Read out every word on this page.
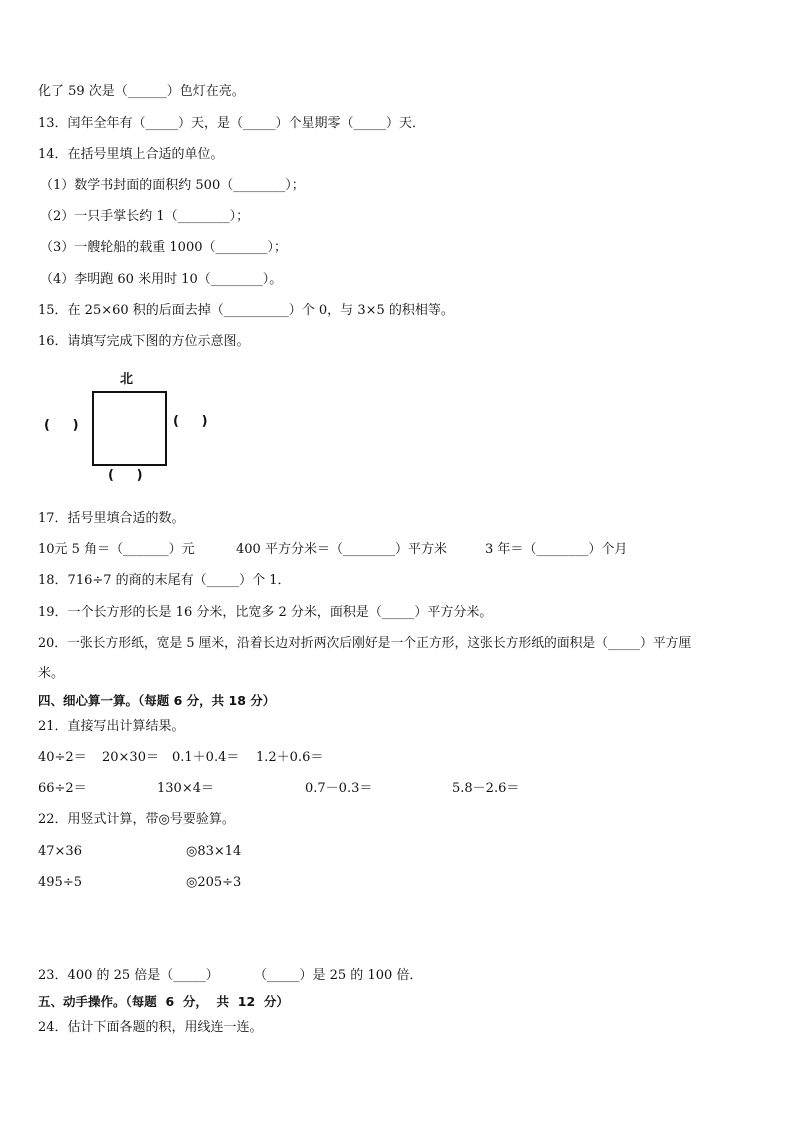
化了 59 次是（______）色灯在亮。
13．闰年全年有（_____）天，是（_____）个星期零（_____）天．
14．在括号里填上合适的单位。
（1）数学书封面的面积约 500（________）；
（2）一只手掌长约 1（________）；
（3）一艘轮船的载重 1000（________）；
（4）李明跑 60 米用时 10（________）。
15．在 25×60 积的后面去掉（__________）个 0，与 3×5 的积相等。
16．请填写完成下图的方位示意图。
北
(     )	(     )
(     )
17．括号里填合适的数。
10元 5 角＝（_______）元	400 平方分米＝（________）平方米	3 年＝（________）个月
18．716÷7 的商的末尾有（_____）个 1．
19．一个长方形的长是 16 分米，比宽多 2 分米，面积是（_____）平方分米。
20．一张长方形纸，宽是 5 厘米，沿着长边对折两次后刚好是一个正方形，这张长方形纸的面积是（_____）平方厘
米。
四、细心算一算。（每题 6 分，共 18 分）
21．直接写出计算结果。
40÷2＝ 20×30＝ 0.1＋0.4＝ 1.2＋0.6＝
66÷2＝	130×4＝	0.7－0.3＝	5.8－2.6＝
22．用竖式计算，带◎号要验算。
47×36	◎83×14
495÷5	◎205÷3
23．400 的 25 倍是（_____）	（_____）是 25 的 100 倍．
五、动手操作。（每题  6  分，  共  12  分）
24．估计下面各题的积，用线连一连。
